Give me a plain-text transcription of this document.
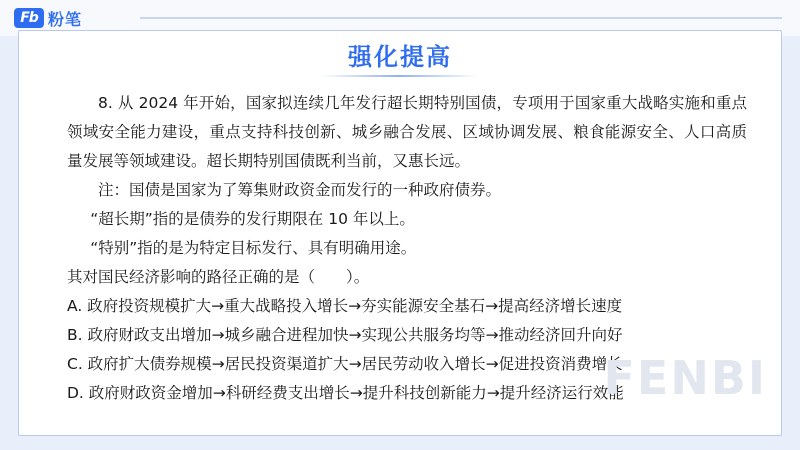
Fb 粉笔
强化提高
8. 从 2024 年开始，国家拟连续几年发行超长期特别国债，专项用于国家重大战略实施和重点领域安全能力建设，重点支持科技创新、城乡融合发展、区域协调发展、粮食能源安全、人口高质量发展等领域建设。超长期特别国债既利当前，又惠长远。
注：国债是国家为了筹集财政资金而发行的一种政府债券。
“超长期”指的是债券的发行期限在 10 年以上。
“特别”指的是为特定目标发行、具有明确用途。
其对国民经济影响的路径正确的是（　　）。
A. 政府投资规模扩大→重大战略投入增长→夯实能源安全基石→提高经济增长速度
B. 政府财政支出增加→城乡融合进程加快→实现公共服务均等→推动经济回升向好
C. 政府扩大债券规模→居民投资渠道扩大→居民劳动收入增长→促进投资消费增长
D. 政府财政资金增加→科研经费支出增长→提升科技创新能力→提升经济运行效能
FENBI
